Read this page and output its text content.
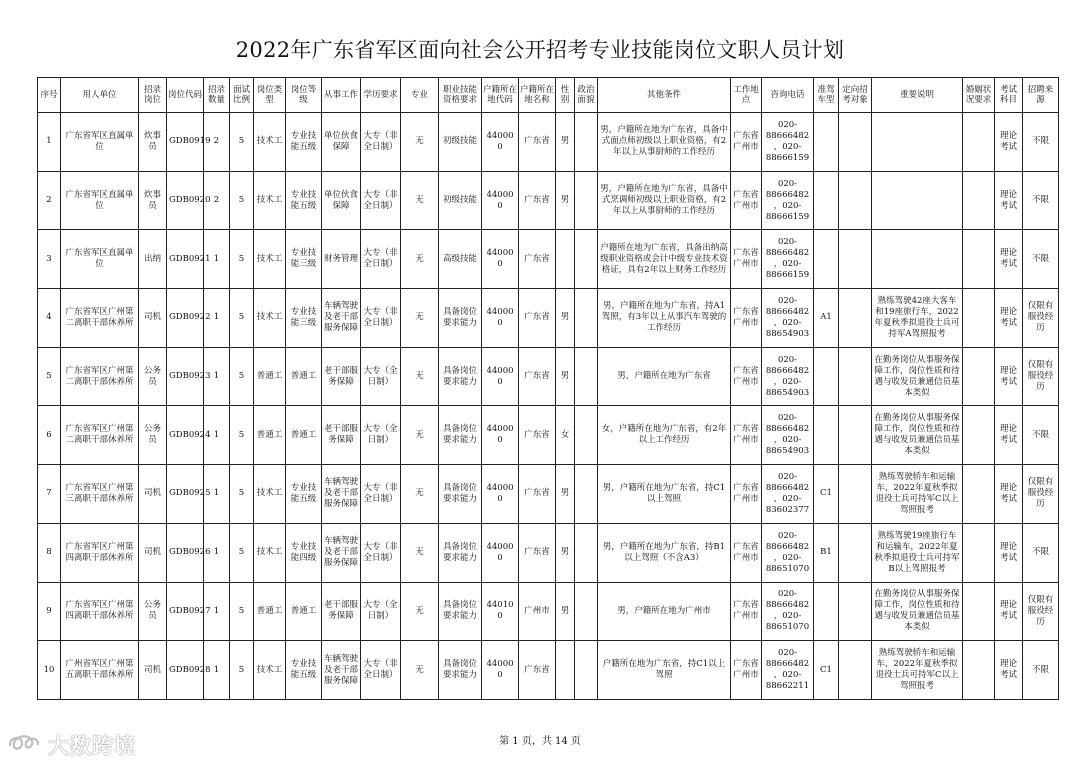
2022年广东省军区面向社会公开招考专业技能岗位文职人员计划
序号	用人单位	招录岗位	岗位代码	招录数量	面试比例	岗位类型	岗位等级	从事工作	学历要求	专业	职业技能资格要求	户籍所在地代码	户籍所在地名称	性别	政治面貌	其他条件	工作地点	咨询电话	准驾车型	定向招考对象	重要说明	婚姻状况要求	考试科目	招聘来源
1	广东省军区直属单位	炊事员	GDB0919	2	5	技术工	专业技能五级	单位伙食保障	大专（非全日制）	无	初级技能	440000	广东省	男		男，户籍所在地为广东省，具备中式面点师初级以上职业资格，有2年以上从事厨师的工作经历	广东省广州市	020-88666482，020-88666159					理论考试	不限
2	广东省军区直属单位	炊事员	GDB0920	2	5	技术工	专业技能五级	单位伙食保障	大专（非全日制）	无	初级技能	440000	广东省	男		男，户籍所在地为广东省，具备中式烹调师初级以上职业资格，有2年以上从事厨师的工作经历	广东省广州市	020-88666482，020-88666159					理论考试	不限
3	广东省军区直属单位	出纳	GDB0921	1	5	技术工	专业技能三级	财务管理	大专（非全日制）	无	高级技能	440000	广东省			户籍所在地为广东省，具备出纳高级职业资格或会计中级专业技术资格证，具有2年以上财务工作经历	广东省广州市	020-88666482，020-88666159					理论考试	不限
4	广东省军区广州第二离职干部休养所	司机	GDB0922	1	5	技术工	专业技能三级	车辆驾驶及老干部服务保障	大专（非全日制）	无	具备岗位要求能力	440000	广东省	男		男，户籍所在地为广东省，持A1驾照，有3年以上从事汽车驾驶的工作经历	广东省广州市	020-88666482，020-88654903	A1		熟练驾驶42座大客车和19座旅行车，2022年夏秋季拟退役士兵可持军A驾照报考		理论考试	仅限有服役经历
5	广东省军区广州第二离职干部休养所	公务员	GDB0923	1	5	普通工	普通工	老干部服务保障	大专（全日制）	无	具备岗位要求能力	440000	广东省	男		男，户籍所在地为广东省	广东省广州市	020-88666482，020-88654903			在勤务岗位从事服务保障工作，岗位性质和待遇与收发员兼通信员基本类似		理论考试	仅限有服役经历
6	广东省军区广州第二离职干部休养所	公务员	GDB0924	1	5	普通工	普通工	老干部服务保障	大专（全日制）	无	具备岗位要求能力	440000	广东省	女		女，户籍所在地为广东省，有2年以上工作经历	广东省广州市	020-88666482，020-88654903			在勤务岗位从事服务保障工作，岗位性质和待遇与收发员兼通信员基本类似		理论考试	不限
7	广东省军区广州第三离职干部休养所	司机	GDB0925	1	5	技术工	专业技能五级	车辆驾驶及老干部服务保障	大专（非全日制）	无	具备岗位要求能力	440000	广东省	男		男，户籍所在地为广东省，持C1以上驾照	广东省广州市	020-88666482，020-83602377	C1		熟练驾驶轿车和运输车，2022年夏秋季拟退役士兵可持军C以上驾照报考		理论考试	仅限有服役经历
8	广东省军区广州第四离职干部休养所	司机	GDB0926	1	5	技术工	专业技能四级	车辆驾驶及老干部服务保障	大专（非全日制）	无	具备岗位要求能力	440000	广东省	男		男，户籍所在地为广东省，持B1以上驾照（不含A3）	广东省广州市	020-88666482，020-88651070	B1		熟练驾驶19座旅行车和运输车，2022年夏秋季拟退役士兵可持军B以上驾照报考		理论考试	不限
9	广东省军区广州第四离职干部休养所	公务员	GDB0927	1	5	普通工	普通工	老干部服务保障	大专（全日制）	无	具备岗位要求能力	440100	广州市	男		男，户籍所在地为广州市	广东省广州市	020-88666482，020-88651070			在勤务岗位从事服务保障工作，岗位性质和待遇与收发员兼通信员基本类似		理论考试	仅限有服役经历
10	广州省军区广州第五离职干部休养所	司机	GDB0928	1	5	技术工	专业技能五级	车辆驾驶及老干部服务保障	大专（非全日制）	无	具备岗位要求能力	440000	广东省			户籍所在地为广东省，持C1以上驾照	广东省广州市	020-88666482，020-88662211	C1		熟练驾驶轿车和运输车，2022年夏秋季拟退役士兵可持军C以上驾照报考		理论考试	不限
第 1 页，共 14 页
大数跨境
